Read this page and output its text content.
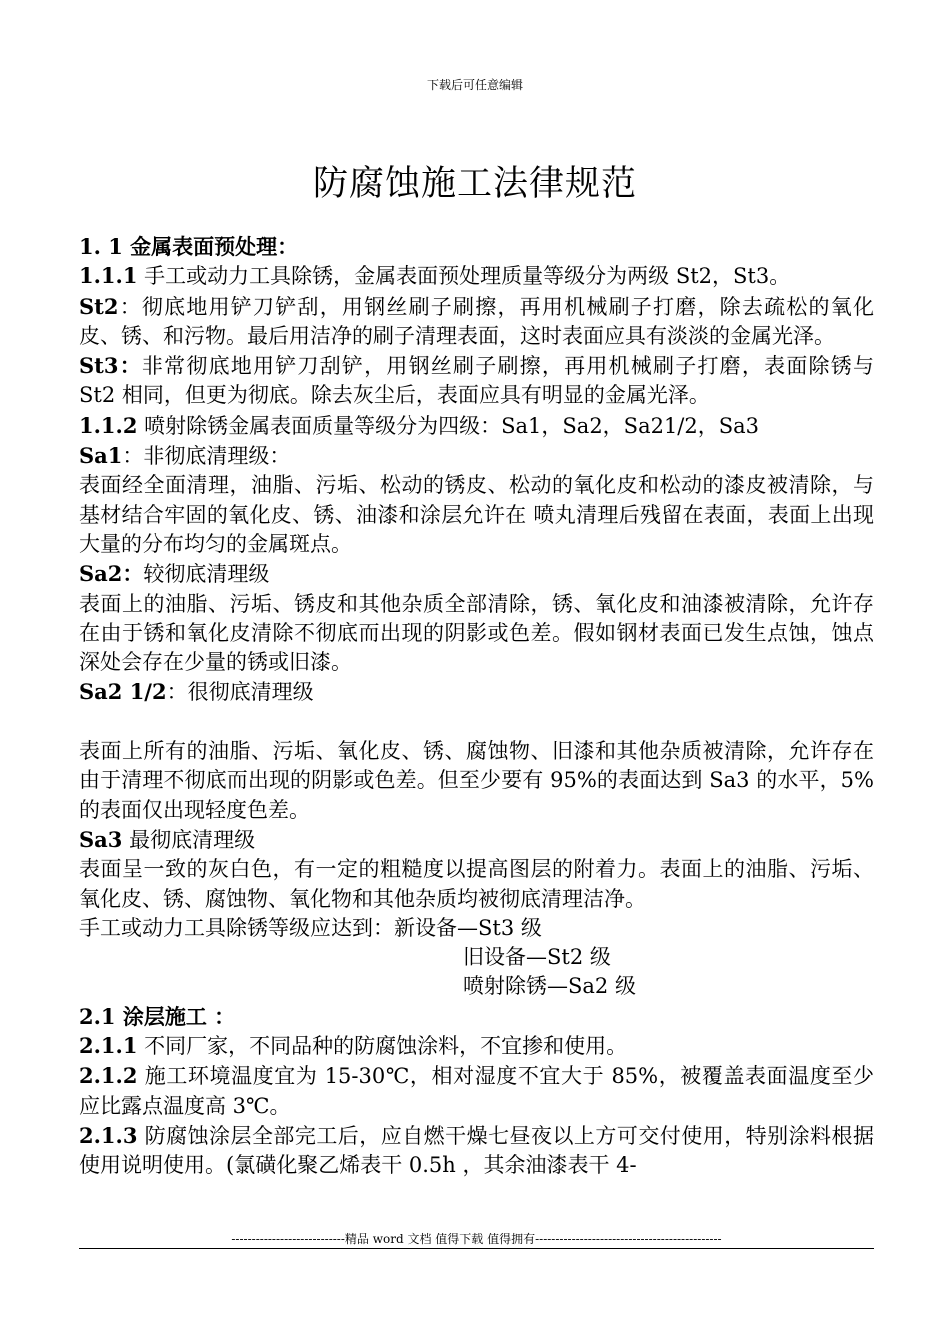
下载后可任意编辑
防腐蚀施工法律规范

1. 1 金属表面预处理：

1.1.1 手工或动力工具除锈，金属表面预处理质量等级分为两级 St2，St3。

St2：彻底地用铲刀铲刮，用钢丝刷子刷擦，再用机械刷子打磨，除去疏松的氧化皮、锈、和污物。最后用洁净的刷子清理表面，这时表面应具有淡淡的金属光泽。

St3：非常彻底地用铲刀刮铲，用钢丝刷子刷擦，再用机械刷子打磨，表面除锈与 St2 相同，但更为彻底。除去灰尘后，表面应具有明显的金属光泽。

1.1.2 喷射除锈金属表面质量等级分为四级：Sa1，Sa2，Sa21/2，Sa3

Sa1：非彻底清理级：

表面经全面清理，油脂、污垢、松动的锈皮、松动的氧化皮和松动的漆皮被清除，与基材结合牢固的氧化皮、锈、油漆和涂层允许在 喷丸清理后残留在表面，表面上出现大量的分布均匀的金属斑点。

Sa2：较彻底清理级

表面上的油脂、污垢、锈皮和其他杂质全部清除，锈、氧化皮和油漆被清除，允许存在由于锈和氧化皮清除不彻底而出现的阴影或色差。假如钢材表面已发生点蚀，蚀点深处会存在少量的锈或旧漆。

Sa2 1/2：很彻底清理级

表面上所有的油脂、污垢、氧化皮、锈、腐蚀物、旧漆和其他杂质被清除，允许存在由于清理不彻底而出现的阴影或色差。但至少要有 95%的表面达到 Sa3 的水平，5%的表面仅出现轻度色差。

Sa3 最彻底清理级

表面呈一致的灰白色，有一定的粗糙度以提高图层的附着力。表面上的油脂、污垢、氧化皮、锈、腐蚀物、氧化物和其他杂质均被彻底清理洁净。

手工或动力工具除锈等级应达到：新设备—St3 级

旧设备—St2 级

喷射除锈—Sa2 级

2.1 涂层施工 ：

2.1.1 不同厂家，不同品种的防腐蚀涂料，不宜掺和使用。

2.1.2 施工环境温度宜为 15-30℃，相对湿度不宜大于 85%，被覆盖表面温度至少应比露点温度高 3℃。

2.1.3 防腐蚀涂层全部完工后，应自燃干燥七昼夜以上方可交付使用，特别涂料根据使用说明使用。(氯磺化聚乙烯表干 0.5h ，其余油漆表干 4-

----------------------------精品 word 文档 值得下载 值得拥有----------------------------------------------
